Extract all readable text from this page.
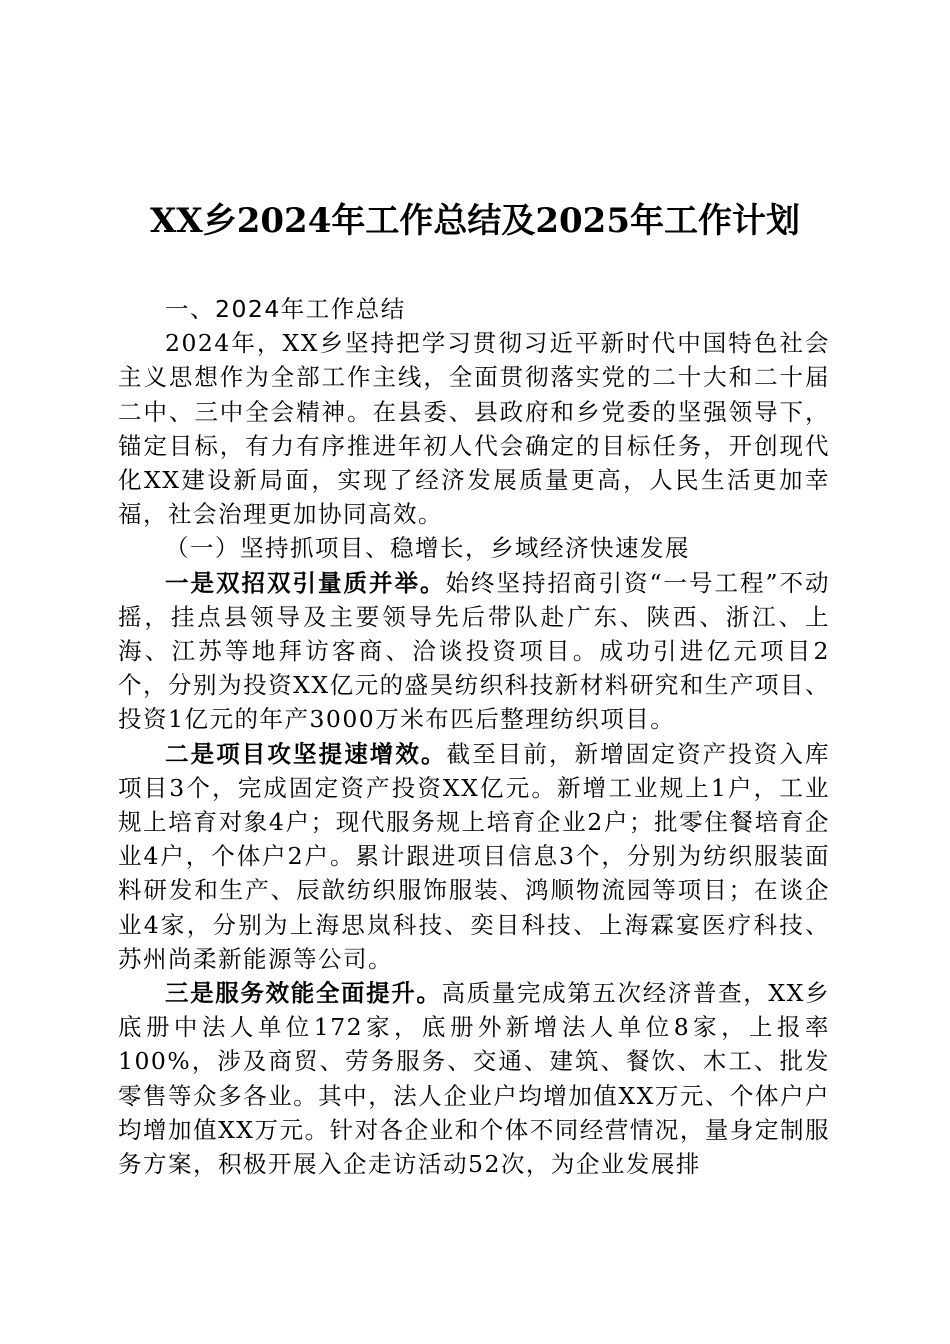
XX乡2024年工作总结及2025年工作计划

一、2024年工作总结

2024年，XX乡坚持把学习贯彻习近平新时代中国特色社会主义思想作为全部工作主线，全面贯彻落实党的二十大和二十届二中、三中全会精神。在县委、县政府和乡党委的坚强领导下，锚定目标，有力有序推进年初人代会确定的目标任务，开创现代化XX建设新局面，实现了经济发展质量更高，人民生活更加幸福，社会治理更加协同高效。

（一）坚持抓项目、稳增长，乡域经济快速发展

一是双招双引量质并举。始终坚持招商引资“一号工程”不动摇，挂点县领导及主要领导先后带队赴广东、陕西、浙江、上海、江苏等地拜访客商、洽谈投资项目。成功引进亿元项目2个，分别为投资XX亿元的盛昊纺织科技新材料研究和生产项目、投资1亿元的年产3000万米布匹后整理纺织项目。

二是项目攻坚提速增效。截至目前，新增固定资产投资入库项目3个，完成固定资产投资XX亿元。新增工业规上1户，工业规上培育对象4户；现代服务规上培育企业2户；批零住餐培育企业4户，个体户2户。累计跟进项目信息3个，分别为纺织服装面料研发和生产、辰歆纺织服饰服装、鸿顺物流园等项目；在谈企业4家，分别为上海思岚科技、奕目科技、上海霖宴医疗科技、苏州尚柔新能源等公司。

三是服务效能全面提升。高质量完成第五次经济普查，XX乡底册中法人单位172家，底册外新增法人单位8家，上报率100%，涉及商贸、劳务服务、交通、建筑、餐饮、木工、批发零售等众多各业。其中，法人企业户均增加值XX万元、个体户户均增加值XX万元。针对各企业和个体不同经营情况，量身定制服务方案，积极开展入企走访活动52次，为企业发展排
